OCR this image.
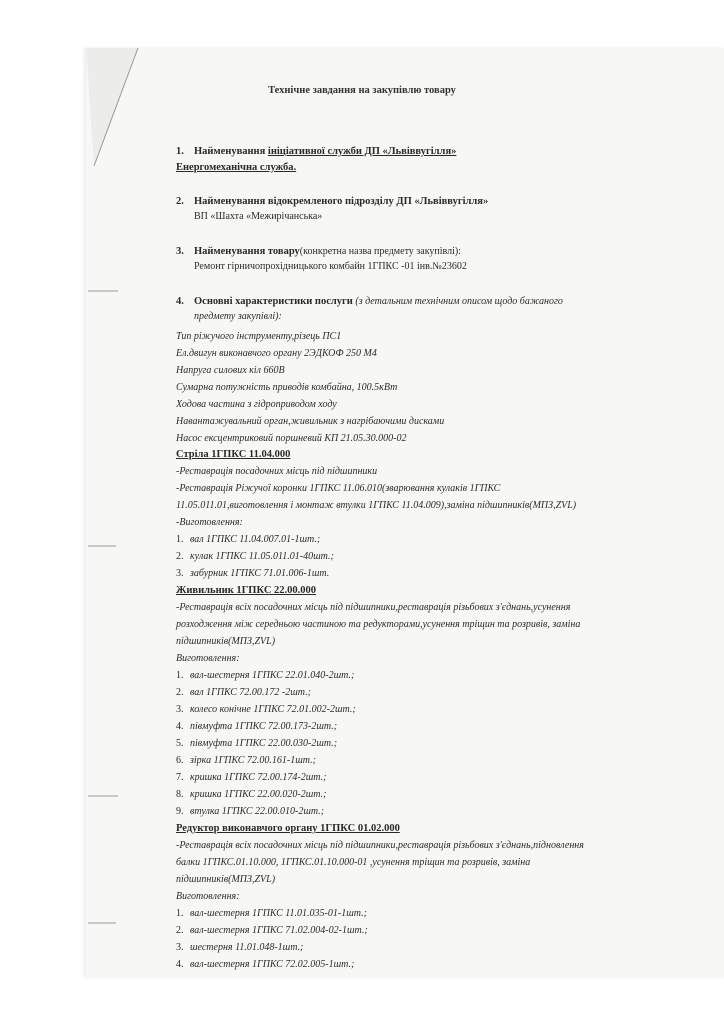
Технічне завдання на закупівлю товару
1. Найменування ініціативної служби ДП «Львіввугілля»
Енергомеханічна служба.
2. Найменування відокремленого підрозділу ДП «Львіввугілля»
ВП «Шахта «Межирічанська»
3. Найменування товару(конкретна назва предмету закупівлі):
Ремонт гірничопрохідницького комбайн 1ГПКС -01 інв.№23602
4. Основні характеристики послуги (з детальним технічним описом щодо бажаного
предмету закупівлі):
Тип ріжучого інструменту,різець ПС1
Ел.двигун виконавчого органу 2ЭДКОФ 250 М4
Напруга силових кіл 660В
Сумарна потужність приводів комбайна, 100.5кВт
Ходова частина з гідроприводом ходу
Навантажувальний орган,живильник з нагрібаючими дисками
Насос ексцентриковий поршневий КП 21.05.30.000-02
Стріла 1ГПКС 11.04.000
-Реставрація посадочних місць під підшипники
-Реставрація Ріжучої коронки 1ГПКС 11.06.010(зварювання кулаків 1ГПКС
11.05.011.01,виготовлення і монтаж втулки 1ГПКС 11.04.009),заміна підшипників(МПЗ,ZVL)
-Виготовлення:
1. вал 1ГПКС 11.04.007.01-1шт.;
2. кулак 1ГПКС 11.05.011.01-40шт.;
3. забурник 1ГПКС 71.01.006-1шт.
Живильник 1ГПКС 22.00.000
-Реставрація всіх посадочних місць під підшипники,реставрація різьбових з'єднань,усунення
розходження між середньою частиною та редукторами,усунення тріщин та розривів, заміна
підшипників(МПЗ,ZVL)
Виготовлення:
1. вал-шестерня 1ГПКС 22.01.040-2шт.;
2. вал 1ГПКС 72.00.172 -2шт.;
3. колесо конічне 1ГПКС 72.01.002-2шт.;
4. півмуфта 1ГПКС 72.00.173-2шт.;
5. півмуфта 1ГПКС 22.00.030-2шт.;
6. зірка 1ГПКС 72.00.161-1шт.;
7. кришка 1ГПКС 72.00.174-2шт.;
8. кришка 1ГПКС 22.00.020-2шт.;
9. втулка 1ГПКС 22.00.010-2шт.;
Редуктор виконавчого органу 1ГПКС 01.02.000
-Реставрація всіх посадочних місць під підшипники,реставрація різьбових з'єднань,підновлення
балки 1ГПКС.01.10.000, 1ГПКС.01.10.000-01 ,усунення тріщин та розривів, заміна
підшипників(МПЗ,ZVL)
Виготовлення:
1. вал-шестерня 1ГПКС 11.01.035-01-1шт.;
2. вал-шестерня 1ГПКС 71.02.004-02-1шт.;
3. шестерня 11.01.048-1шт.;
4. вал-шестерня 1ГПКС 72.02.005-1шт.;
